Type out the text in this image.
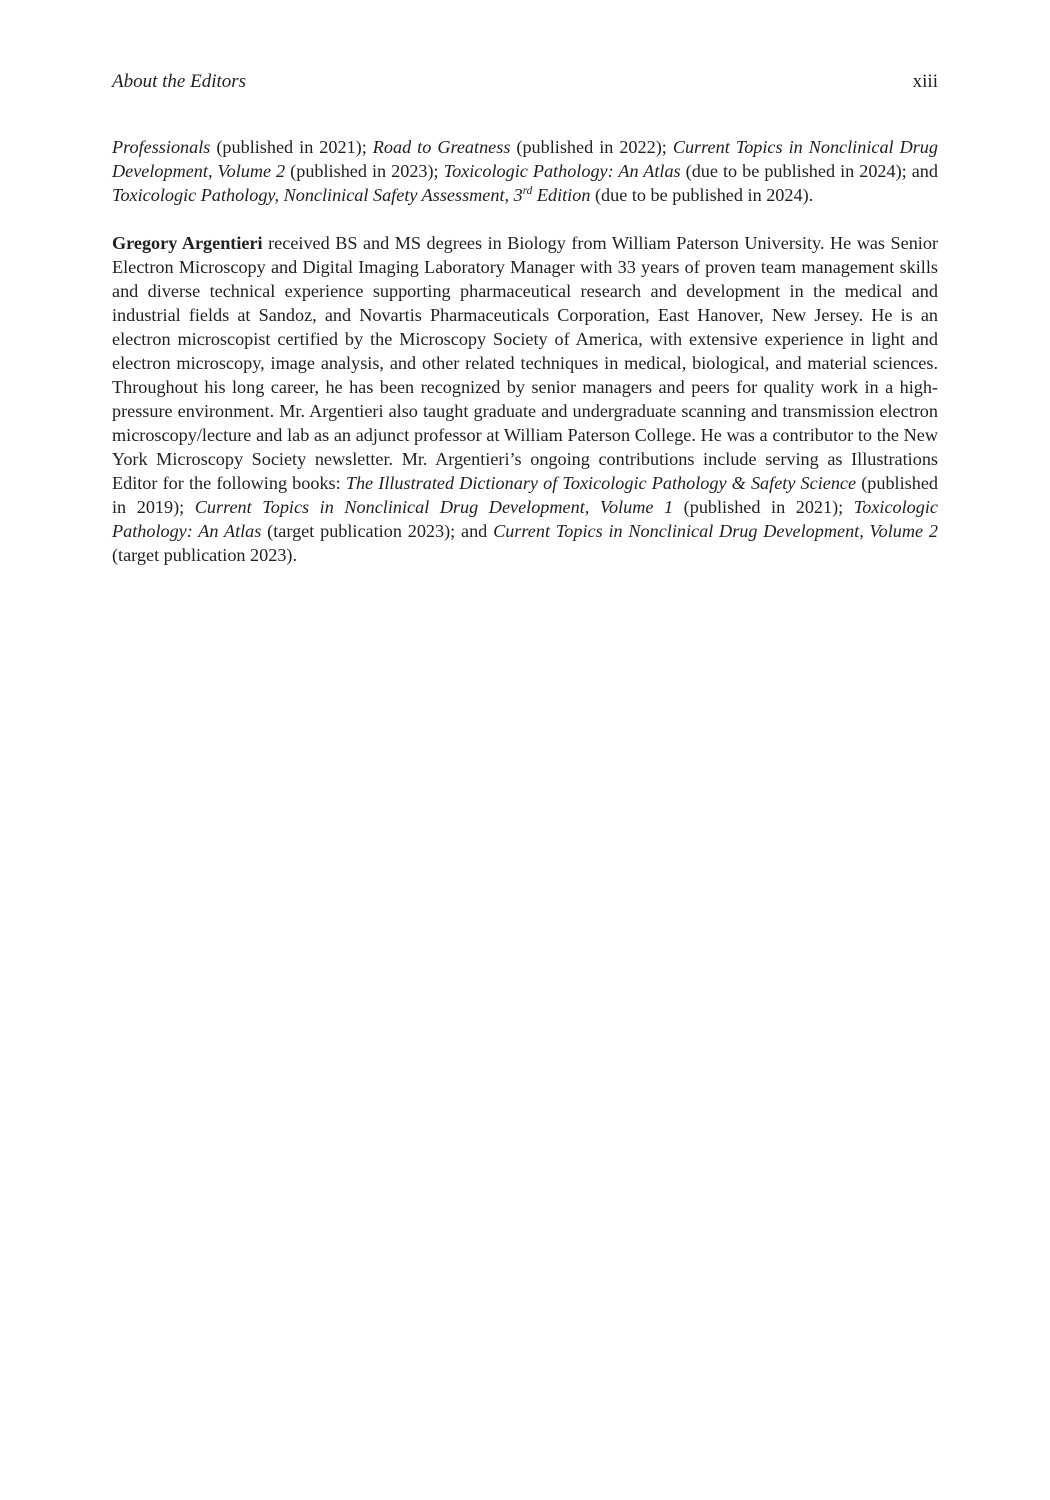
About the Editors	xiii

Professionals (published in 2021); Road to Greatness (published in 2022); Current Topics in Nonclinical Drug Development, Volume 2 (published in 2023); Toxicologic Pathology: An Atlas (due to be published in 2024); and Toxicologic Pathology, Nonclinical Safety Assessment, 3rd Edition (due to be published in 2024).

Gregory Argentieri received BS and MS degrees in Biology from William Paterson University. He was Senior Electron Microscopy and Digital Imaging Laboratory Manager with 33 years of proven team management skills and diverse technical experience supporting pharmaceutical research and development in the medical and industrial fields at Sandoz, and Novartis Pharmaceuticals Corporation, East Hanover, New Jersey. He is an electron microscopist certified by the Microscopy Society of America, with extensive experience in light and electron microscopy, image analysis, and other related techniques in medical, biological, and material sciences. Throughout his long career, he has been recognized by senior managers and peers for quality work in a high-pressure environment. Mr. Argentieri also taught graduate and undergraduate scanning and transmission electron microscopy/lecture and lab as an adjunct professor at William Paterson College. He was a contributor to the New York Microscopy Society newsletter. Mr. Argentieri’s ongoing contributions include serving as Illustrations Editor for the following books: The Illustrated Dictionary of Toxicologic Pathology & Safety Science (published in 2019); Current Topics in Nonclinical Drug Development, Volume 1 (published in 2021); Toxicologic Pathology: An Atlas (target publication 2023); and Current Topics in Nonclinical Drug Development, Volume 2 (target publication 2023).
